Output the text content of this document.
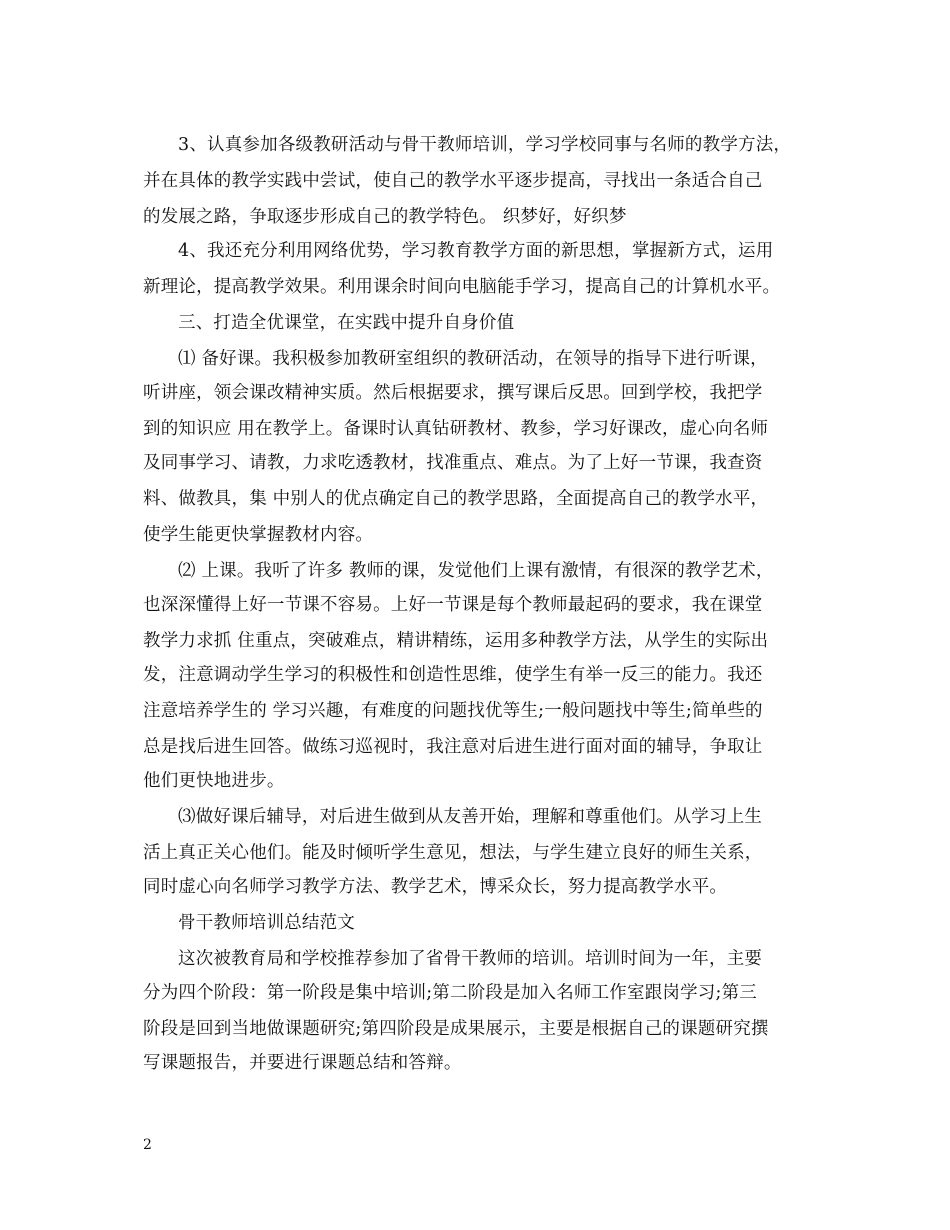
3、认真参加各级教研活动与骨干教师培训，学习学校同事与名师的教学方法，
并在具体的教学实践中尝试，使自己的教学水平逐步提高，寻找出一条适合自己
的发展之路，争取逐步形成自己的教学特色。 织梦好，好织梦
4、我还充分利用网络优势，学习教育教学方面的新思想，掌握新方式，运用
新理论，提高教学效果。利用课余时间向电脑能手学习，提高自己的计算机水平。
三、打造全优课堂，在实践中提升自身价值
⑴ 备好课。我积极参加教研室组织的教研活动，在领导的指导下进行听课，
听讲座，领会课改精神实质。然后根据要求，撰写课后反思。回到学校，我把学
到的知识应 用在教学上。备课时认真钻研教材、教参，学习好课改，虚心向名师
及同事学习、请教，力求吃透教材，找准重点、难点。为了上好一节课，我查资
料、做教具，集 中别人的优点确定自己的教学思路，全面提高自己的教学水平，
使学生能更快掌握教材内容。
⑵ 上课。我听了许多 教师的课，发觉他们上课有激情，有很深的教学艺术，
也深深懂得上好一节课不容易。上好一节课是每个教师最起码的要求，我在课堂
教学力求抓 住重点，突破难点，精讲精练，运用多种教学方法，从学生的实际出
发，注意调动学生学习的积极性和创造性思维，使学生有举一反三的能力。我还
注意培养学生的 学习兴趣，有难度的问题找优等生;一般问题找中等生;简单些的
总是找后进生回答。做练习巡视时，我注意对后进生进行面对面的辅导，争取让
他们更快地进步。
⑶做好课后辅导，对后进生做到从友善开始，理解和尊重他们。从学习上生
活上真正关心他们。能及时倾听学生意见，想法，与学生建立良好的师生关系，
同时虚心向名师学习教学方法、教学艺术，博采众长，努力提高教学水平。
骨干教师培训总结范文
这次被教育局和学校推荐参加了省骨干教师的培训。培训时间为一年，主要
分为四个阶段：第一阶段是集中培训;第二阶段是加入名师工作室跟岗学习;第三
阶段是回到当地做课题研究;第四阶段是成果展示，主要是根据自己的课题研究撰
写课题报告，并要进行课题总结和答辩。
2
